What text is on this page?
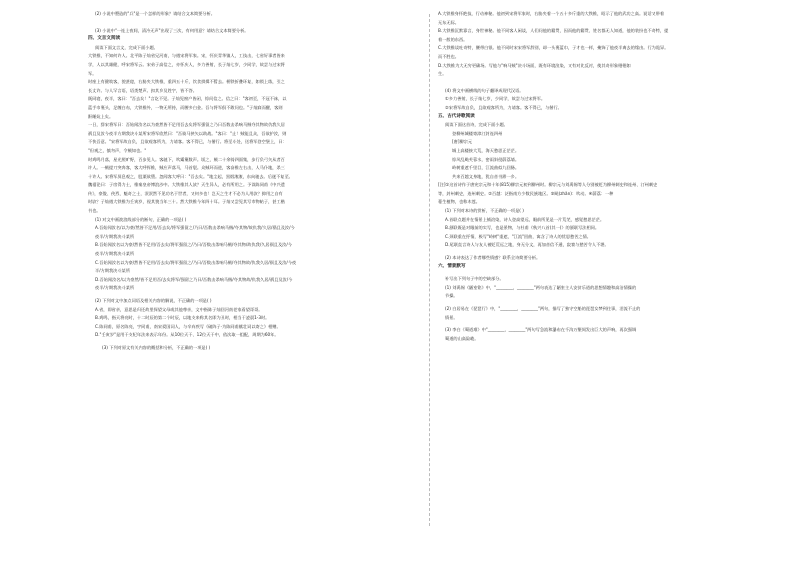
(2) 小说中塑造的"兵"是一个怎样的形象？请结合文本简要分析。
(3) 小说中"一连上夜间，清冷无声"出现了三次，有何用意？请结合文本简要分析。
四、文言文阅读
阅读下面文言文，完成下面小题。
大铁椎，不知何许人。北平陈子灿省兄河南，与遇宋将军家。宋，怀庆青华镇人，工技击，七省好事者皆来
学，人以其雄健，呼宋将军云。宋弟子高信之，亦怀庆人，多力善射，长子灿七岁，少同学，故尝与过宋将
军。
时座上有健啖客，貌甚寝，右胁夹大铁椎，重四五十斤，饮食拱揖不暂去。柄铁折叠环复，如锁上练，引之
长丈许。与人罕言语，语类楚声。扣其乡及姓字，皆不答。
既同寝，夜半，客曰："吾去矣！"言讫不见。子灿见窗户皆闭，惊问信之。信之曰："客初至，不冠不袜，以
蓝手巾裹头，足缠白布，大铁椎外，一物无所持，而腰多白金。吾与将军俱不敢问也。"子灿寐而醒，客则
鼾睡炕上矣。
一日，辞宋将军曰：吾始闻汝名以为豪然皆不足用吾去矣将军强留之乃曰吾数击杀响马贼夺其物故仇我久居
祸且及汝今夜半方期我决斗某所宋将军欣然曰："吾骑马挟矢以助战。"客曰："止！贼能且众，吾欲护汝，则
不快吾意。"宋将军故自负，且欲观客所为，力请客。客不得已，与偕行。将至斗处，送将军登空堡上，曰：
"但观之，慎勿声，令贼知也。"
时鸡鸣月落，星光照旷野，百步见人。客驰下，吹觱篥数声。顷之，贼二十余骑四面集，步行负弓矢从者百
许人。一贼提刀突奔客，客大呼挥椎，贼应声落马，马首裂。众贼环而进，客奋椎左右击，人马仆地，杀三
十许人。宋将军屏息观之，股栗欲堕。忽闻客大呼曰："吾去矣。"地尘起，黑烟滚滚，东向驰去。后遂不复至。
魏禧论曰：子房得力士，椎秦皇帝博浪沙中。大铁椎其人欤？天生异人，必有所用之。予读陈同甫《中兴遗
传》，豪俊、侠烈、魁奇之士，泯泯然不见功名于世者，又何多也！岂天之生才不必为人用欤？抑用之自有
时欤？子灿遇大铁椎为壬寅岁，视其貌当年三十。然大铁椎今年四十耳。子灿又尝见其写市物帖子，甚工楷
书也。
(1) 对文中画波浪线部分的断句，正确的一项是( )
A.吾始闻汝名/以为豪/然皆不足用/吾去矣/将军强留之/乃曰/吾数击杀响马贼/夺其物/故仇我/久居/祸且及汝/今
夜半/方期我决斗某所
B.吾始闻汝名以为豪/然皆不足用/吾去矣/将军强留之/乃曰/吾数击杀响马贼/夺其物/故仇我/久居祸且及汝/今
夜半/方期我决斗某所
C.吾始闻汝名以为豪/然皆不足用/吾去矣/将军强留之/乃曰/吾数击杀响马贼/夺其物故/仇我久居/祸且及汝/今夜
半/方期我决斗某所
D.吾始闻汝名/以为豪然/皆不足用吾/去矣将军/强留之乃曰/吾数击杀响马贼/夺其物故/仇我久居/祸且及汝/今
夜半/方期我决斗某所
(2) 下列对文中加点词语及相关内容的解说，不正确的一项是( )
A.省，即省亲，意思是归还故里探望父母或其他尊亲，文中指陈子灿回河南老家看望哥哥。
B.鸡鸣，指天将亮时，十二时辰的第二个时辰，以地支来称其名即为丑时，相当于凌晨1-3时。
C.陈同甫，原名陈亮，字同甫，南宋爱国词人，与辛弃疾写《破阵子·为陈同甫赋壮词以寄之》相赠。
D."壬寅岁"是用干支纪年法来表示年份。从10位天干、12位天干中，依次取一组配，周期为60年。
(3) 下列对原文有关内容的概括和分析，不正确的一项是( )
A.大铁椎身怀绝技，行动神秘。他初到宋将军家时，右胁夹着一个五十多斤重的大铁椎，昭示了他的武功之高。说话又带着
无东无际。
B.大铁椎沉默寡言，身世神秘。他不同客人闲谈，人们问他的籍贯，因而他的籍贯、姓名都无人知道，他的装扮也不奇特，提
着一般的东西。
C.大铁椎谈吐奇特，腰带白银。他不同时宋宋将军辞别，却一头裹蓝巾，子才也一样，掩饰了他夜半离去的缘由。行为诡异。
而不胜也。
D.大铁椎为大无穷更确场。写他与"响马贼"决斗场面，既有环境渲染，又有对比反衬，使其奇形象栩栩如
生。
(4) 将文中画横线的句子翻译成现代汉语。
①多力善射，长子灿七岁，少同学，故尝与过宋将军。
②宋将军故自负，且欲观客所为，力请客。客不得已，与偕行。
五、古代诗歌阅读
阅读下面这首诗，完成下面小题。
登柳州城楼寄漳汀封连四州
[唐]柳宗元
城上高楼接大荒，海天愁思正茫茫。
惊风乱飐芙蓉水，密雨斜侵薜荔墙。
岭树重遮千里目，江流曲似九回肠。
共来百越文身地，犹自音书滞一乡。
[注]①这首诗作于唐宪宗元和十年(815)柳宗元初到柳州时。柳宗元与刘禹锡等人分别被贬为柳州刺史和连州、汀州刺史
等，封州刺史，连州刺史。②百越：泛指南方少数民族地区。③飐(zhǎn)：吹动。④薜荔：一种
蔓生植物，也称木莲。
(1) 下列对本诗的赏析，不正确的一项是( )
A.首联点题并在情景上铺渲染，诗人登高望远，眼前所见是一片荒芜，感觉愁思茫茫。
B.颔联既是对眼前的实写，也是景物，与杜甫《秋兴八首(其一)》的颔联写法相同。
C.颈联重在抒情，极写"岭树"重遮，"江流"回曲，寓含了诗人的忧思愁苦之情。
D.尾联直言诗人与友人被贬荒远之地，身无分文，再加音信不通，寂寞与愁苦令人不堪。
(2) 本诗表达了作者哪些情感？联系全诗简要分析。
六、情景默写
补写出下列句子中的空缺部分。
(1) 刘禹锡《陋室铭》中，"________，________"两句表达了陋室主人安贫乐道的思想情趣和高洁情操的
节操。
(2) 白居易在《琵琶行》中，"________，________"两句，描写了独守空船的琵琶女梦到往事，泪流不止的
情景。
(3) 李白《蜀道难》中"________，________"两句写急流和瀑布在千沟万壑间发出巨大的声响，再次强调
蜀道的山高险峻。
